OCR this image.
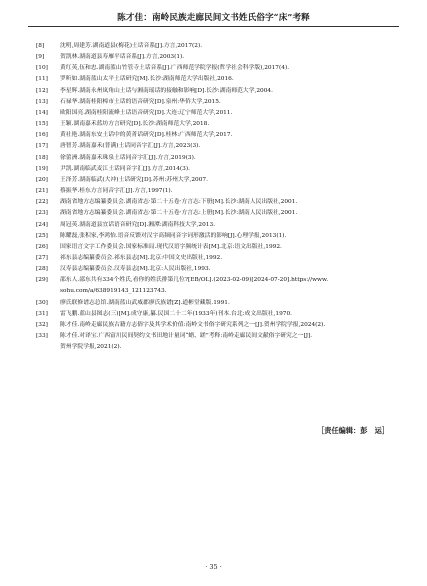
陈才佳：南岭民族走廊民间文书姓氏俗字“床”考释
[8]	沈明,周建芳.湖南道县(梅花)土话音系[J].方言,2017(2).
[9]	贺凯林.湖南道县寿雁平话音系[J].方言,2003(1).
[10] 黄红英,伍和忠.湖南蓝山竹管寺土话音系[J].广西师范学院学报(哲学社会科学版),2017(4).
[11] 罗昕如.湖南蓝山太平土话研究[M].长沙:湖南师范大学出版社,2016.
[12] 李星辉.湖南永州岚角山土话与湘南瑶话的接触和影响[D].长沙:湖南师范大学,2004.
[13] 石禄华.湖南桂阳樟市土话的语音研究[D].泉州:华侨大学,2015.
[14] 欧阳国亮.湖南桂阳流峰土话语音研究[D].大连:辽宁师范大学,2011.
[15] 王颖.湖南嘉禾蓝坊方言研究[D].长沙:湖南师范大学,2018.
[16] 黄社艳.湖南东安土话中的黄菁话研究[D].桂林:广西师范大学,2017.
[17] 唐智芳.湖南嘉禾(普满)土话同音字汇[J].方言,2023(3).
[18] 徐蕾洲.湖南嘉禾珠泉土话同音字汇[J].方言,2019(3).
[19] 尹凯.湖南临武麦江土话同音字汇[J].方言,2014(3).
[20] 王泽芳.湖南临武(大冲)土话研究[D].苏州:苏州大学,2007.
[21] 蔡振华.桂东方言同音字汇[J].方言,1997(1).
[22] 湖南省地方志编纂委员会.湖南省志·第二十五卷·方言志:下册[M].长沙:湖南人民出版社,2001.
[23] 湖南省地方志编纂委员会.湖南省志·第二十五卷·方言志:上册[M].长沙:湖南人民出版社,2001.
[24] 周冠英.湖南道县宜话语音研究[D].湘潭:湖南科技大学,2013.
[25] 陈耀磊,张积家,李鸿怡.语音反馈对汉字高频同音字词形激活的影响[J].心理学报,2013(1).
[26] 国家语言文字工作委员会.国家标准局.现代汉语字频统计表[M].北京:语文出版社,1992.
[27] 祁东县志编纂委员会.祁东县志[M].北京:中国文史出版社,1992.
[28] 汉寿县志编纂委员会.汉寿县志[M].北京:人民出版社,1993.
[29] 邵东人.邵东共有334个姓氏,看你的姓氏排第几位?[EB/OL].(2023-02-09)[2024-07-20].https://www.
sohu.com/a/638919143_121123743.
[30] 廖氏联修谱志总馆.湖南蓝山武威郡廖氏族谱[Z].道彬堂藏版.1991.
[31] 雷飞鹏.蓝山县图志(三)[M].成守康,纂.民国二十二年(1933年)刊本.台北:成文出版社,1970.
[32] 陈才佳.南岭走廊民族古籍方志俗字及其学术价值:南岭文书俗字研究系列之一[J].贺州学院学报,2024(2).
[33] 陈才佳.对译宝.广西富川民间契约文书田地计量词“蜡、蹉”考释:南岭走廊民间文献俗字研究之一[J].
贺州学院学报,2021(2).
［责任编辑：彭　运］
· 35 ·
